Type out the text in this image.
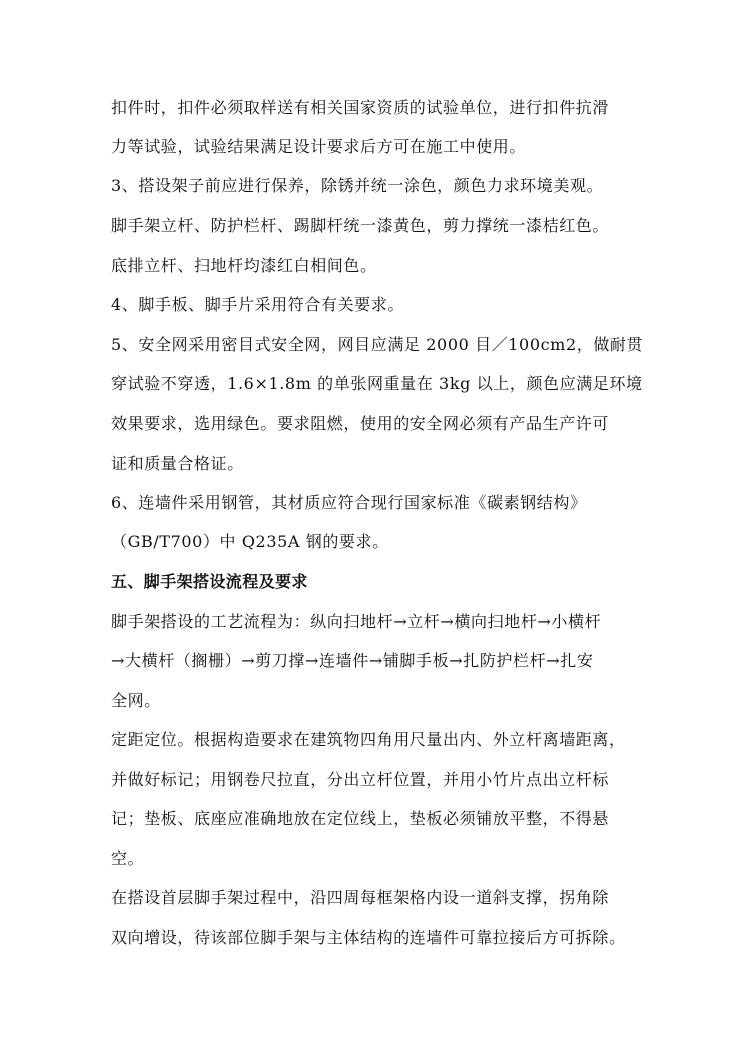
扣件时，扣件必须取样送有相关国家资质的试验单位，进行扣件抗滑
力等试验，试验结果满足设计要求后方可在施工中使用。
3、搭设架子前应进行保养，除锈并统一涂色，颜色力求环境美观。
脚手架立杆、防护栏杆、踢脚杆统一漆黄色，剪力撑统一漆桔红色。
底排立杆、扫地杆均漆红白相间色。
4、脚手板、脚手片采用符合有关要求。
5、安全网采用密目式安全网，网目应满足 2000 目／100cm2，做耐贯
穿试验不穿透，1.6×1.8m 的单张网重量在 3kg 以上，颜色应满足环境
效果要求，选用绿色。要求阻燃，使用的安全网必须有产品生产许可
证和质量合格证。
6、连墙件采用钢管，其材质应符合现行国家标准《碳素钢结构》
（GB/T700）中 Q235A 钢的要求。
五、脚手架搭设流程及要求
脚手架搭设的工艺流程为：纵向扫地杆→立杆→横向扫地杆→小横杆
→大横杆（搁栅）→剪刀撑→连墙件→铺脚手板→扎防护栏杆→扎安
全网。
定距定位。根据构造要求在建筑物四角用尺量出内、外立杆离墙距离，
并做好标记；用钢卷尺拉直，分出立杆位置，并用小竹片点出立杆标
记；垫板、底座应准确地放在定位线上，垫板必须铺放平整，不得悬
空。
在搭设首层脚手架过程中，沿四周每框架格内设一道斜支撑，拐角除
双向增设，待该部位脚手架与主体结构的连墙件可靠拉接后方可拆除。
